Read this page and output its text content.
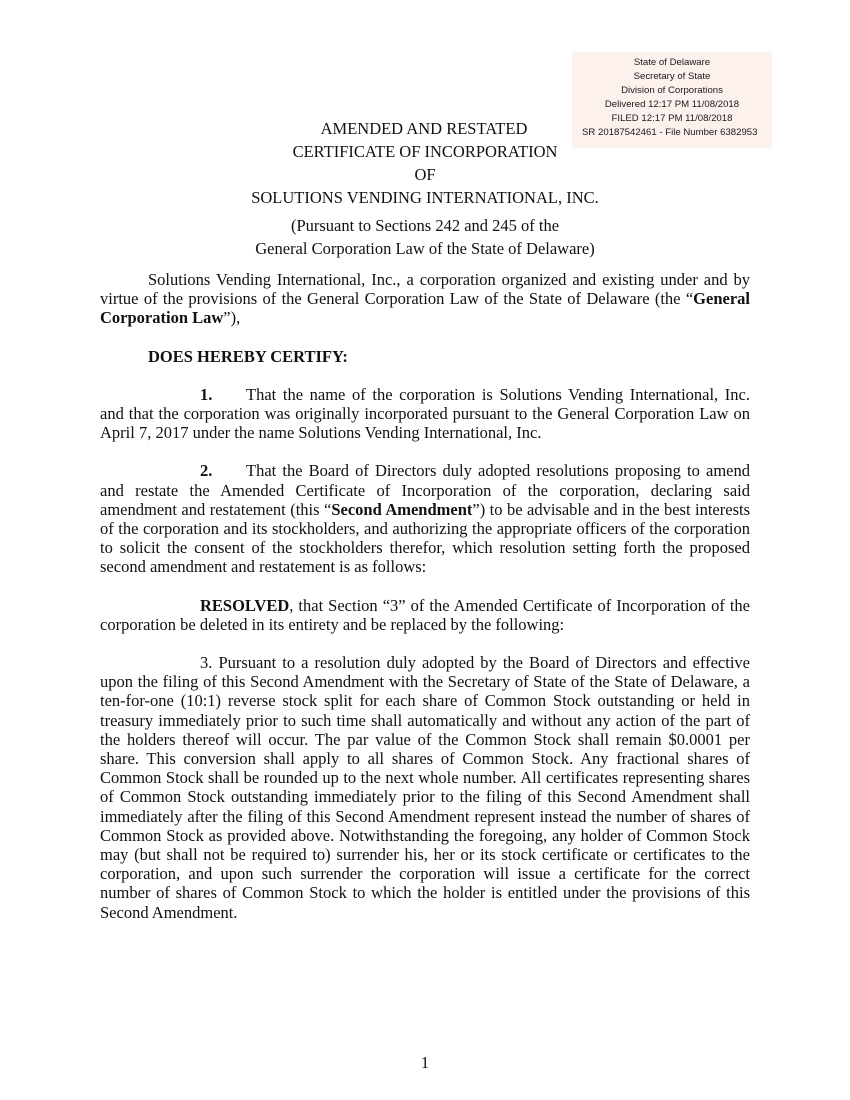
State of Delaware
Secretary of State
Division of Corporations
Delivered 12:17 PM 11/08/2018
FILED 12:17 PM 11/08/2018
SR 20187542461 - File Number 6382953
AMENDED AND RESTATED
CERTIFICATE OF INCORPORATION
OF
SOLUTIONS VENDING INTERNATIONAL, INC.
(Pursuant to Sections 242 and 245 of the
General Corporation Law of the State of Delaware)

Solutions Vending International, Inc., a corporation organized and existing under and by virtue of the provisions of the General Corporation Law of the State of Delaware (the “General Corporation Law”),

DOES HEREBY CERTIFY:

1. That the name of the corporation is Solutions Vending International, Inc. and that the corporation was originally incorporated pursuant to the General Corporation Law on April 7, 2017 under the name Solutions Vending International, Inc.

2. That the Board of Directors duly adopted resolutions proposing to amend and restate the Amended Certificate of Incorporation of the corporation, declaring said amendment and restatement (this “Second Amendment”) to be advisable and in the best interests of the corporation and its stockholders, and authorizing the appropriate officers of the corporation to solicit the consent of the stockholders therefor, which resolution setting forth the proposed second amendment and restatement is as follows:

RESOLVED, that Section “3” of the Amended Certificate of Incorporation of the corporation be deleted in its entirety and be replaced by the following:

3. Pursuant to a resolution duly adopted by the Board of Directors and effective upon the filing of this Second Amendment with the Secretary of State of the State of Delaware, a ten-for-one (10:1) reverse stock split for each share of Common Stock outstanding or held in treasury immediately prior to such time shall automatically and without any action of the part of the holders thereof will occur. The par value of the Common Stock shall remain $0.0001 per share. This conversion shall apply to all shares of Common Stock. Any fractional shares of Common Stock shall be rounded up to the next whole number. All certificates representing shares of Common Stock outstanding immediately prior to the filing of this Second Amendment shall immediately after the filing of this Second Amendment represent instead the number of shares of Common Stock as provided above. Notwithstanding the foregoing, any holder of Common Stock may (but shall not be required to) surrender his, her or its stock certificate or certificates to the corporation, and upon such surrender the corporation will issue a certificate for the correct number of shares of Common Stock to which the holder is entitled under the provisions of this Second Amendment.

1
